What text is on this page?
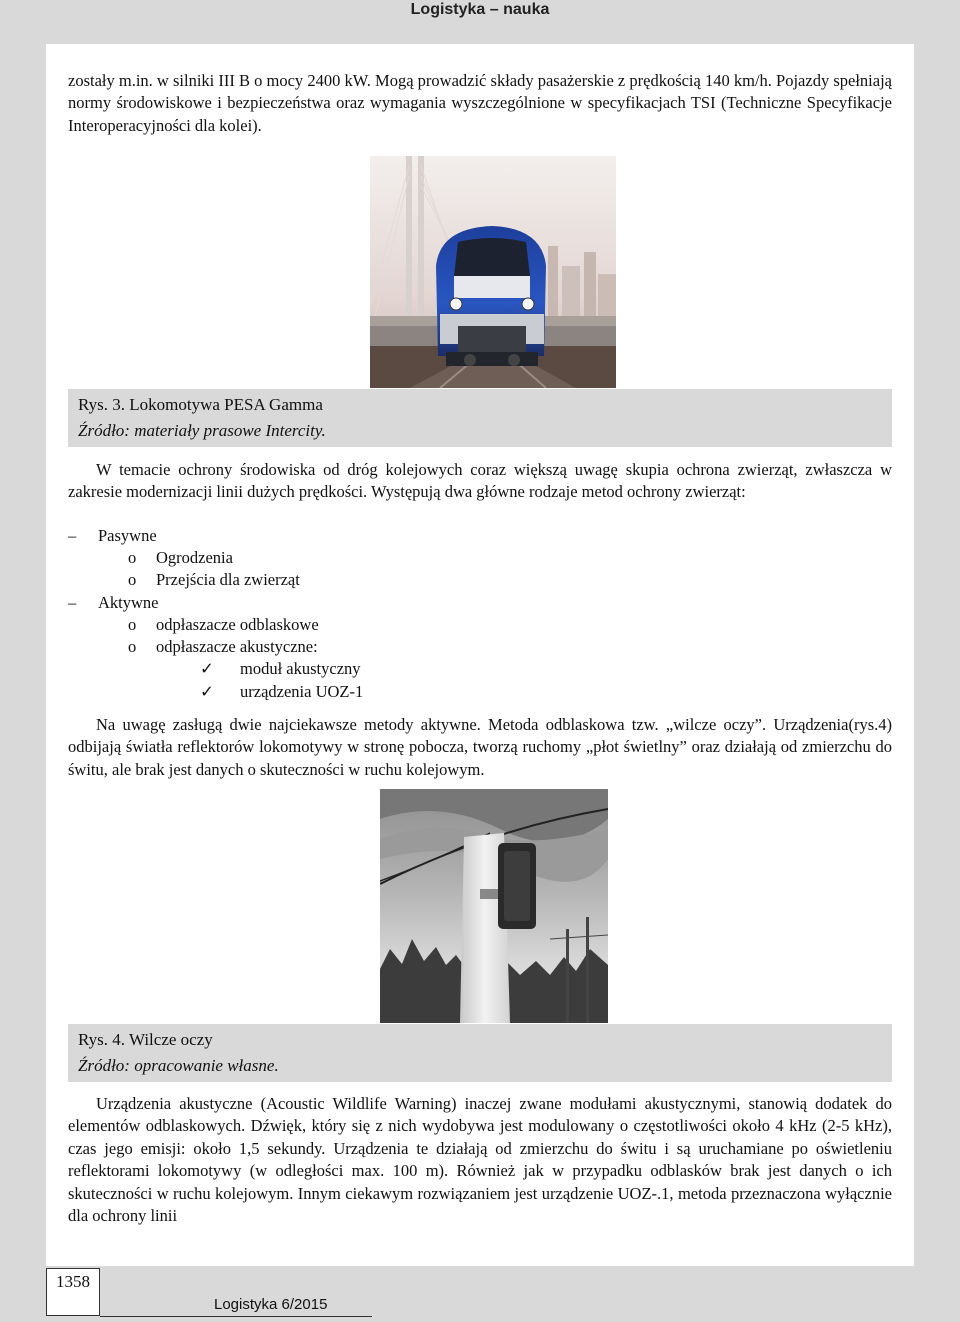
Logistyka – nauka

zostały m.in. w silniki III B o mocy 2400 kW. Mogą prowadzić składy pasażerskie z prędkością 140 km/h. Pojazdy spełniają normy środowiskowe i bezpieczeństwa oraz wymagania wyszczególnione w specyfikacjach TSI (Techniczne Specyfikacje Interoperacyjności dla kolei).

Rys. 3. Lokomotywa PESA Gamma
Źródło: materiały prasowe Intercity.

W temacie ochrony środowiska od dróg kolejowych coraz większą uwagę skupia ochrona zwierząt, zwłaszcza w zakresie modernizacji linii dużych prędkości. Występują dwa główne rodzaje metod ochrony zwierząt:

– Pasywne
o Ogrodzenia
o Przejścia dla zwierząt
– Aktywne
o odpłaszacze odblaskowe
o odpłaszacze akustyczne:
✓ moduł akustyczny
✓ urządzenia UOZ-1

Na uwagę zasługą dwie najciekawsze metody aktywne. Metoda odblaskowa tzw. „wilcze oczy”. Urządzenia(rys.4) odbijają światła reflektorów lokomotywy w stronę pobocza, tworzą ruchomy „płot świetlny” oraz działają od zmierzchu do świtu, ale brak jest danych o skuteczności w ruchu kolejowym.

Rys. 4. Wilcze oczy
Źródło: opracowanie własne.

Urządzenia akustyczne (Acoustic Wildlife Warning) inaczej zwane modułami akustycznymi, stanowią dodatek do elementów odblaskowych. Dźwięk, który się z nich wydobywa jest modulowany o częstotliwości około 4 kHz (2-5 kHz), czas jego emisji: około 1,5 sekundy. Urządzenia te działają od zmierzchu do świtu i są uruchamiane po oświetleniu reflektorami lokomotywy (w odległości max. 100 m). Również jak w przypadku odblasków brak jest danych o ich skuteczności w ruchu kolejowym. Innym ciekawym rozwiązaniem jest urządzenie UOZ-.1, metoda przeznaczona wyłącznie dla ochrony linii

1358
Logistyka 6/2015
